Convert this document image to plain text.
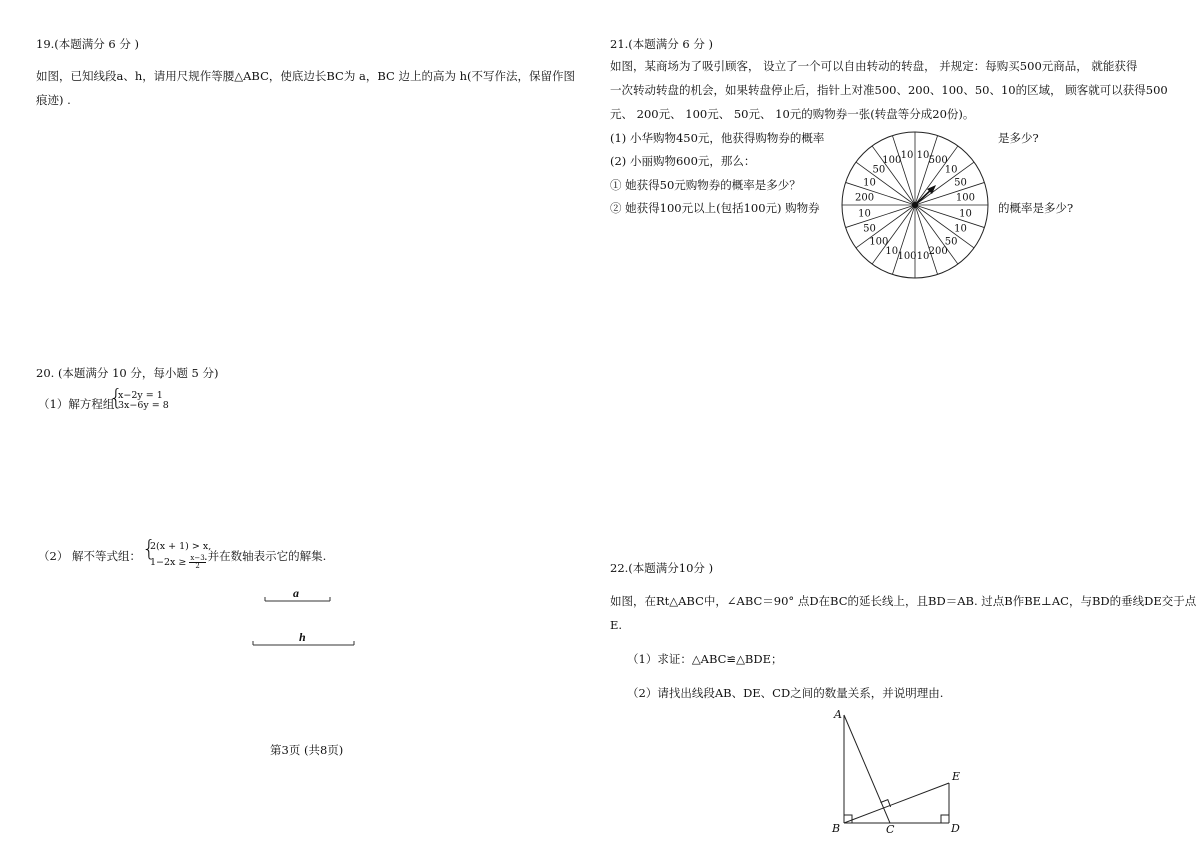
19.(本题满分 6 分 )
如图，已知线段a、h，请用尺规作等腰△ABC，使底边长BC为 a，BC 边上的高为 h(不写作法，保留作图
痕迹) .
20. (本题满分 10 分，每小题 5 分)
（1）解方程组
{
x−2y = 1
3x−6y = 8
（2） 解不等式组： {
2(x + 1) > x,
$1-2x \ge \frac{x-3}{2}$
.并在数轴表示它的解集.
a
h
第3页 (共8页)
21.(本题满分 6 分 )
如图，某商场为了吸引顾客， 设立了一个可以自由转动的转盘， 并规定：每购买500元商品， 就能获得
一次转动转盘的机会，如果转盘停止后，指针上对准500、200、100、50、10的区域， 顾客就可以获得500
元、 200元、 100元、 50元、 10元的购物券一张(转盘等分成20份)。
(1) 小华购物450元，他获得购物券的概率	是多少?
(2) 小丽购物600元，那么：
① 她获得50元购物券的概率是多少？
② 她获得100元以上(包括100元) 购物券	的概率是多少?
10 500
10
50
100
10
10
50
200
10
100
10
100
50
10
200
10
50
100 10
22.(本题满分10分 )
如图，在Rt△ABC中，∠ABC＝90° 点D在BC的延长线上，且BD＝AB. 过点B作BE⊥AC，与BD的垂线DE交于点
E.
（1）求证：△ABC≌△BDE；
（2）请找出线段AB、DE、CD之间的数量关系，并说明理由.
A
B	C	D
E
